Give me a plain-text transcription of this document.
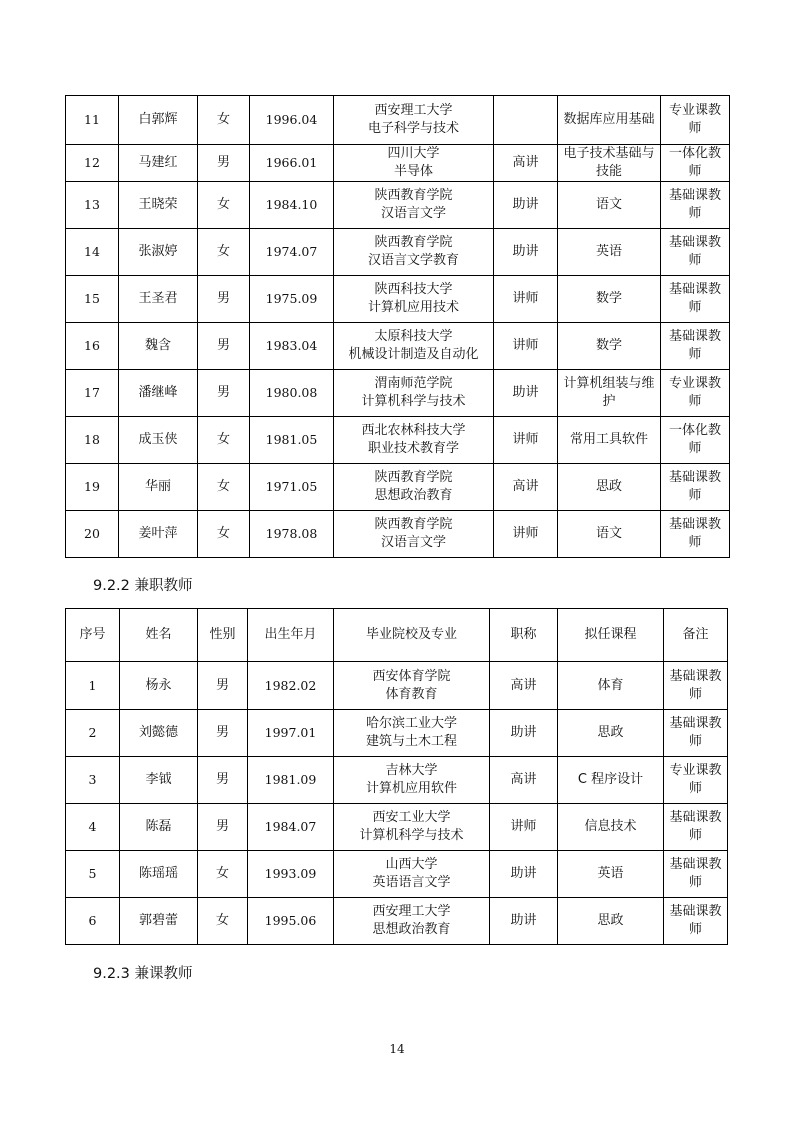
11	白郭辉	女	1996.04	西安理工大学
电子科学与技术		数据库应用基础	专业课教师
12	马建红	男	1966.01	四川大学
半导体	高讲	电子技术基础与技能	一体化教师
13	王晓荣	女	1984.10	陕西教育学院
汉语言文学	助讲	语文	基础课教师
14	张淑婷	女	1974.07	陕西教育学院
汉语言文学教育	助讲	英语	基础课教师
15	王圣君	男	1975.09	陕西科技大学
计算机应用技术	讲师	数学	基础课教师
16	魏含	男	1983.04	太原科技大学
机械设计制造及自动化	讲师	数学	基础课教师
17	潘继峰	男	1980.08	渭南师范学院
计算机科学与技术	助讲	计算机组装与维护	专业课教师
18	成玉侠	女	1981.05	西北农林科技大学
职业技术教育学	讲师	常用工具软件	一体化教师
19	华丽	女	1971.05	陕西教育学院
思想政治教育	高讲	思政	基础课教师
20	姜叶萍	女	1978.08	陕西教育学院
汉语言文学	讲师	语文	基础课教师
9.2.2 兼职教师
序号	姓名	性别	出生年月	毕业院校及专业	职称	拟任课程	备注
1	杨永	男	1982.02	西安体育学院
体育教育	高讲	体育	基础课教师
2	刘懿德	男	1997.01	哈尔滨工业大学
建筑与土木工程	助讲	思政	基础课教师
3	李钺	男	1981.09	吉林大学
计算机应用软件	高讲	C 程序设计	专业课教师
4	陈磊	男	1984.07	西安工业大学
计算机科学与技术	讲师	信息技术	基础课教师
5	陈瑶瑶	女	1993.09	山西大学
英语语言文学	助讲	英语	基础课教师
6	郭碧蕾	女	1995.06	西安理工大学
思想政治教育	助讲	思政	基础课教师
9.2.3 兼课教师
14
